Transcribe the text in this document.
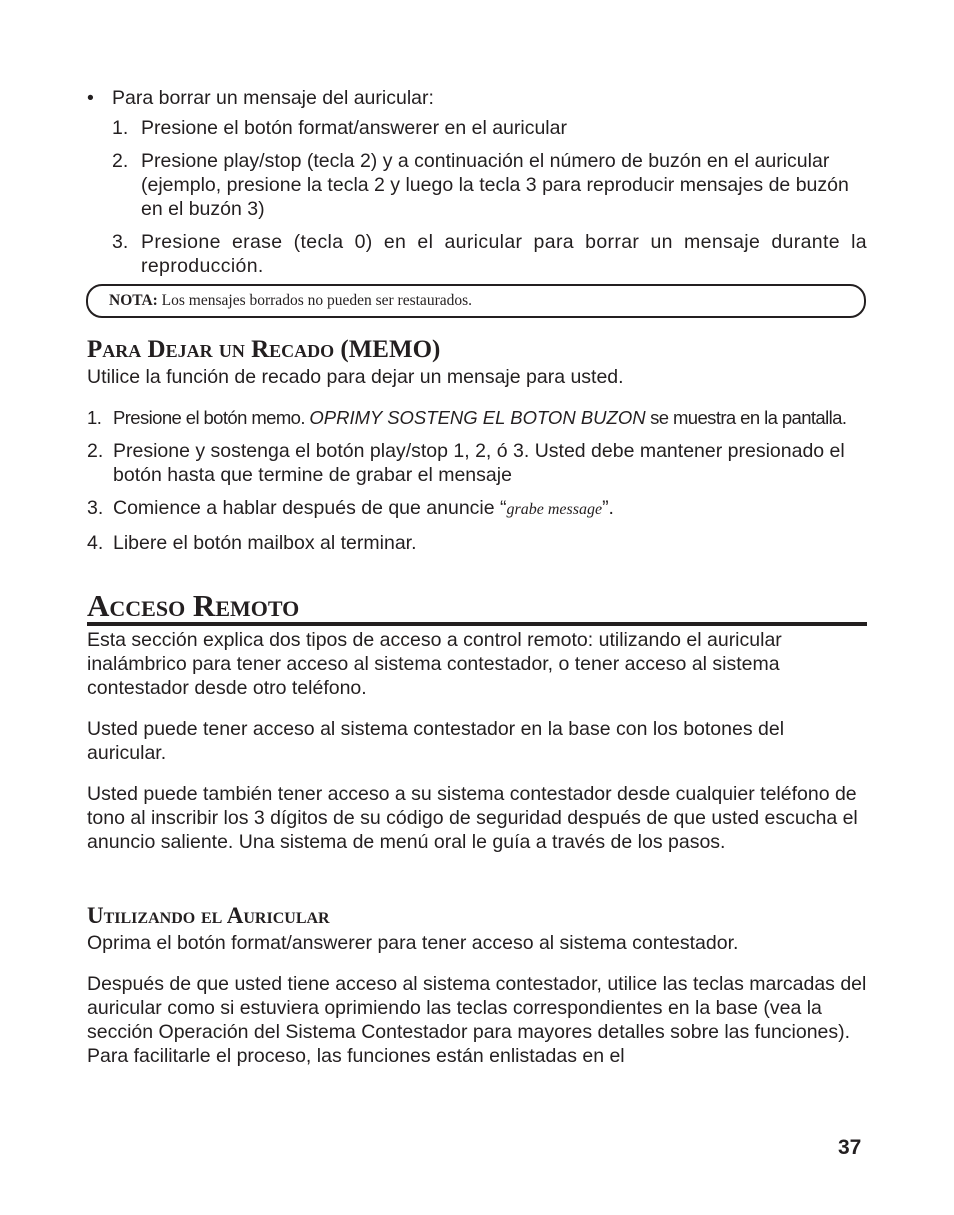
• Para borrar un mensaje del auricular:

1. Presione el botón format/answerer en el auricular

2. Presione play/stop (tecla 2) y a continuación el número de buzón en el auricular (ejemplo, presione la tecla 2 y luego la tecla 3 para reproducir mensajes de buzón en el buzón 3)

3. Presione erase (tecla 0) en el auricular para borrar un mensaje durante la reproducción.

NOTA: Los mensajes borrados no pueden ser restaurados.
Para Dejar un Recado (MEMO)

Utilice la función de recado para dejar un mensaje para usted.

1. Presione el botón memo. OPRIMY SOSTENG EL BOTON BUZON se muestra en la pantalla.

2. Presione y sostenga el botón play/stop 1, 2, ó 3. Usted debe mantener presionado el botón hasta que termine de grabar el mensaje

3. Comience a hablar después de que anuncie “grabe message”.

4. Libere el botón mailbox al terminar.

Acceso Remoto

Esta sección explica dos tipos de acceso a control remoto: utilizando el auricular inalámbrico para tener acceso al sistema contestador, o tener acceso al sistema contestador desde otro teléfono.

Usted puede tener acceso al sistema contestador en la base con los botones del auricular.

Usted puede también tener acceso a su sistema contestador desde cualquier teléfono de tono al inscribir los 3 dígitos de su código de seguridad después de que usted escucha el anuncio saliente. Una sistema de menú oral le guía a través de los pasos.

Utilizando el Auricular

Oprima el botón format/answerer para tener acceso al sistema contestador.

Después de que usted tiene acceso al sistema contestador, utilice las teclas marcadas del auricular como si estuviera oprimiendo las teclas correspondientes en la base (vea la sección Operación del Sistema Contestador para mayores detalles sobre las funciones). Para facilitarle el proceso, las funciones están enlistadas en el

37
